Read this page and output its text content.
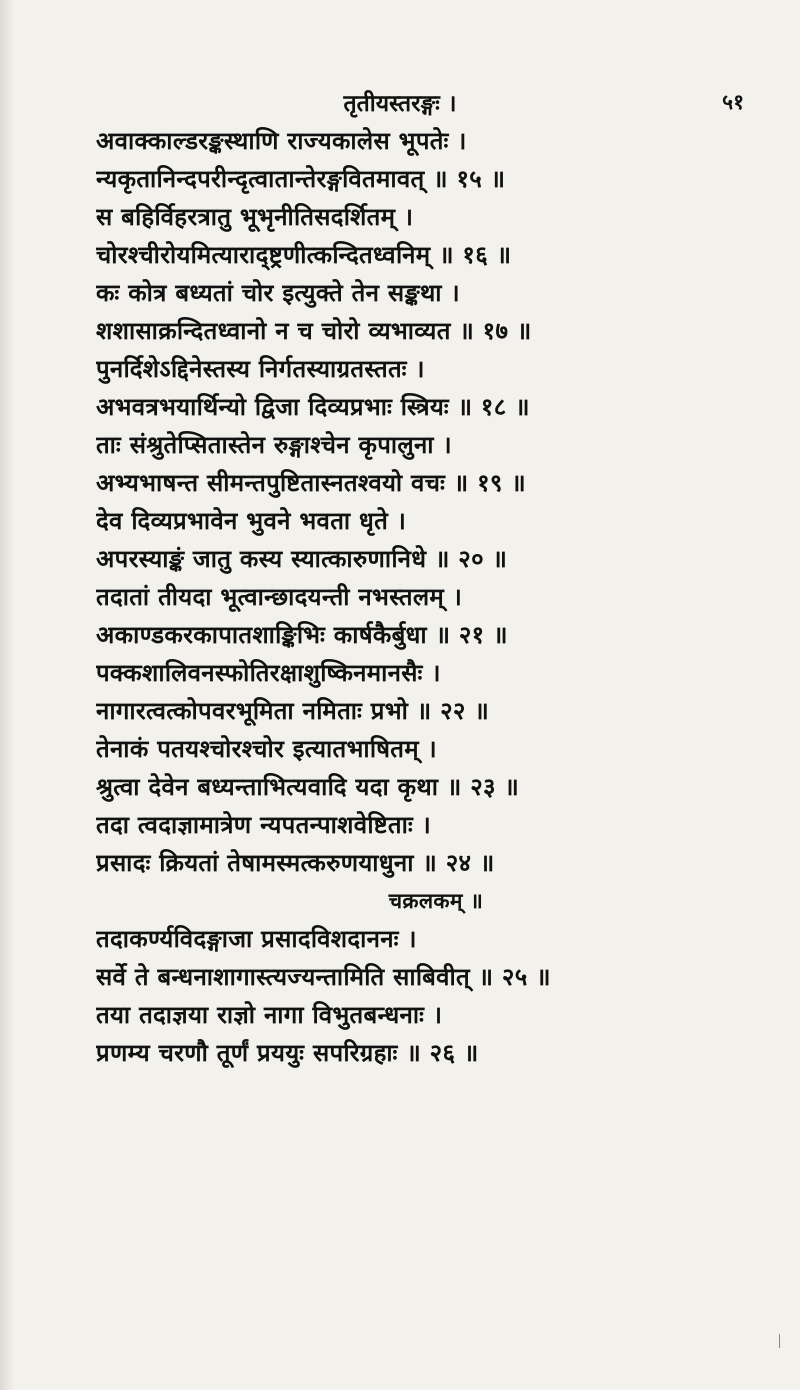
तृतीयस्तरङ्गः ।	५१
अवाक्काल्डरङ्कस्थाणि राज्यकालेस भूपतेः ।
न्यकृतानिन्दपरीन्दृत्वातान्तेरङ्गवितमावत् ॥ १५ ॥
स बहिर्विहरत्रातु भूभृनीतिसदर्शितम् ।
चोरश्चीरोयमित्याराद्ष्ट्रणीत्कन्दितध्वनिम् ॥ १६ ॥
कः कोत्र बध्यतां चोर इत्युक्ते तेन सङ्कथा ।
शशासाक्रन्दितध्वानो न च चोरो व्यभाव्यत ॥ १७ ॥
पुनर्दिशेऽद्दिनेस्तस्य निर्गतस्याग्रतस्ततः ।
अभवत्रभयार्थिन्यो द्विजा दिव्यप्रभाः स्त्रियः ॥ १८ ॥
ताः संश्रुतेप्सितास्तेन रुङ्गाश्चेन कृपालुना ।
अभ्यभाषन्त सीमन्तपुष्टितास्नतश्वयो वचः ॥ १९ ॥
देव दिव्यप्रभावेन भुवने भवता धृते ।
अपरस्याङ्कं जातु कस्य स्यात्कारुणानिधे ॥ २० ॥
तदातां तीयदा भूत्वान्छादयन्ती नभस्तलम् ।
अकाण्डकरकापातशाङ्किभिः कार्षकैर्बुधा ॥ २१ ॥
पक्कशालिवनस्फोतिरक्षाशुष्किनमानसैः ।
नागारत्वत्कोपवरभूमिता नमिताः प्रभो ॥ २२ ॥
तेनाकं पतयश्चोरश्चोर इत्यातभाषितम् ।
श्रुत्वा देवेन बध्यन्ताभित्यवादि यदा कृथा ॥ २३ ॥
तदा त्वदाज्ञामात्रेण न्यपतन्पाशवेष्टिताः ।
प्रसादः क्रियतां तेषामस्मत्करुणयाधुना ॥ २४ ॥
चक्रलकम् ॥
तदाकर्ण्यविदङ्गाजा प्रसादविशदाननः ।
सर्वे ते बन्धनाशागास्त्यज्यन्तामिति साबिवीत् ॥ २५ ॥
तया तदाज्ञया राज्ञो नागा विभुतबन्धनाः ।
प्रणम्य चरणौ तूर्णं प्रययुः सपरिग्रहाः ॥ २६ ॥
